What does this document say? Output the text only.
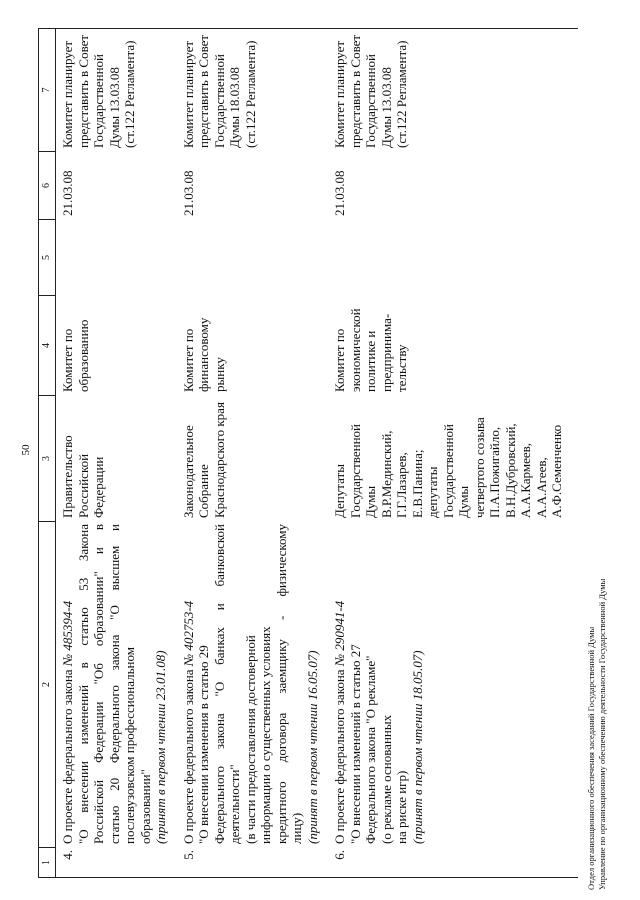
50
1
2
3
4
5
6
7
4.
О проекте федерального закона № 485394-4 "О внесении изменений в статью 53 Закона Российской Федерации "Об образовании" и в статью 20 Федерального закона "О высшем и послевузовском профессиональном образовании" (принят в первом чтении 23.01.08)
Правительство Российской Федерации
Комитет по образованию
21.03.08
Комитет планирует представить в Совет Государственной Думы 13.03.08 (ст.122 Регламента)
5.
О проекте федерального закона № 402753-4
"О внесении изменения в статью 29 Федерального закона "О банках и банковской деятельности" (в части предоставления достоверной информации о существенных условиях кредитного договора заемщику - физическому лицу) (принят в первом чтении 16.05.07)
Законодательное Собрание Краснодарского края
Комитет по финансовому рынку
21.03.08
Комитет планирует представить в Совет Государственной Думы 18.03.08 (ст.122 Регламента)
6.
О проекте федерального закона № 290941-4
"О внесении изменений в статью 27 Федерального закона "О рекламе" (о рекламе основанных на риске игр) (принят в первом чтении 18.05.07)
Депутаты Государственной Думы В.Р.Мединский, Г.Г.Лазарев, Е.В.Панина; депутаты Государственной Думы четвертого созыва П.А.Пожигайло, В.Н.Дубровский, А.А.Кармеев, А.А.Агеев, А.Ф.Семенченко
Комитет по экономической политике и предпринима- тельству
21.03.08
Комитет планирует представить в Совет Государственной Думы 13.03.08 (ст.122 Регламента)
Отдел организационного обеспечения заседаний Государственной Думы Управление по организационному обеспечению деятельности Государственной Думы
